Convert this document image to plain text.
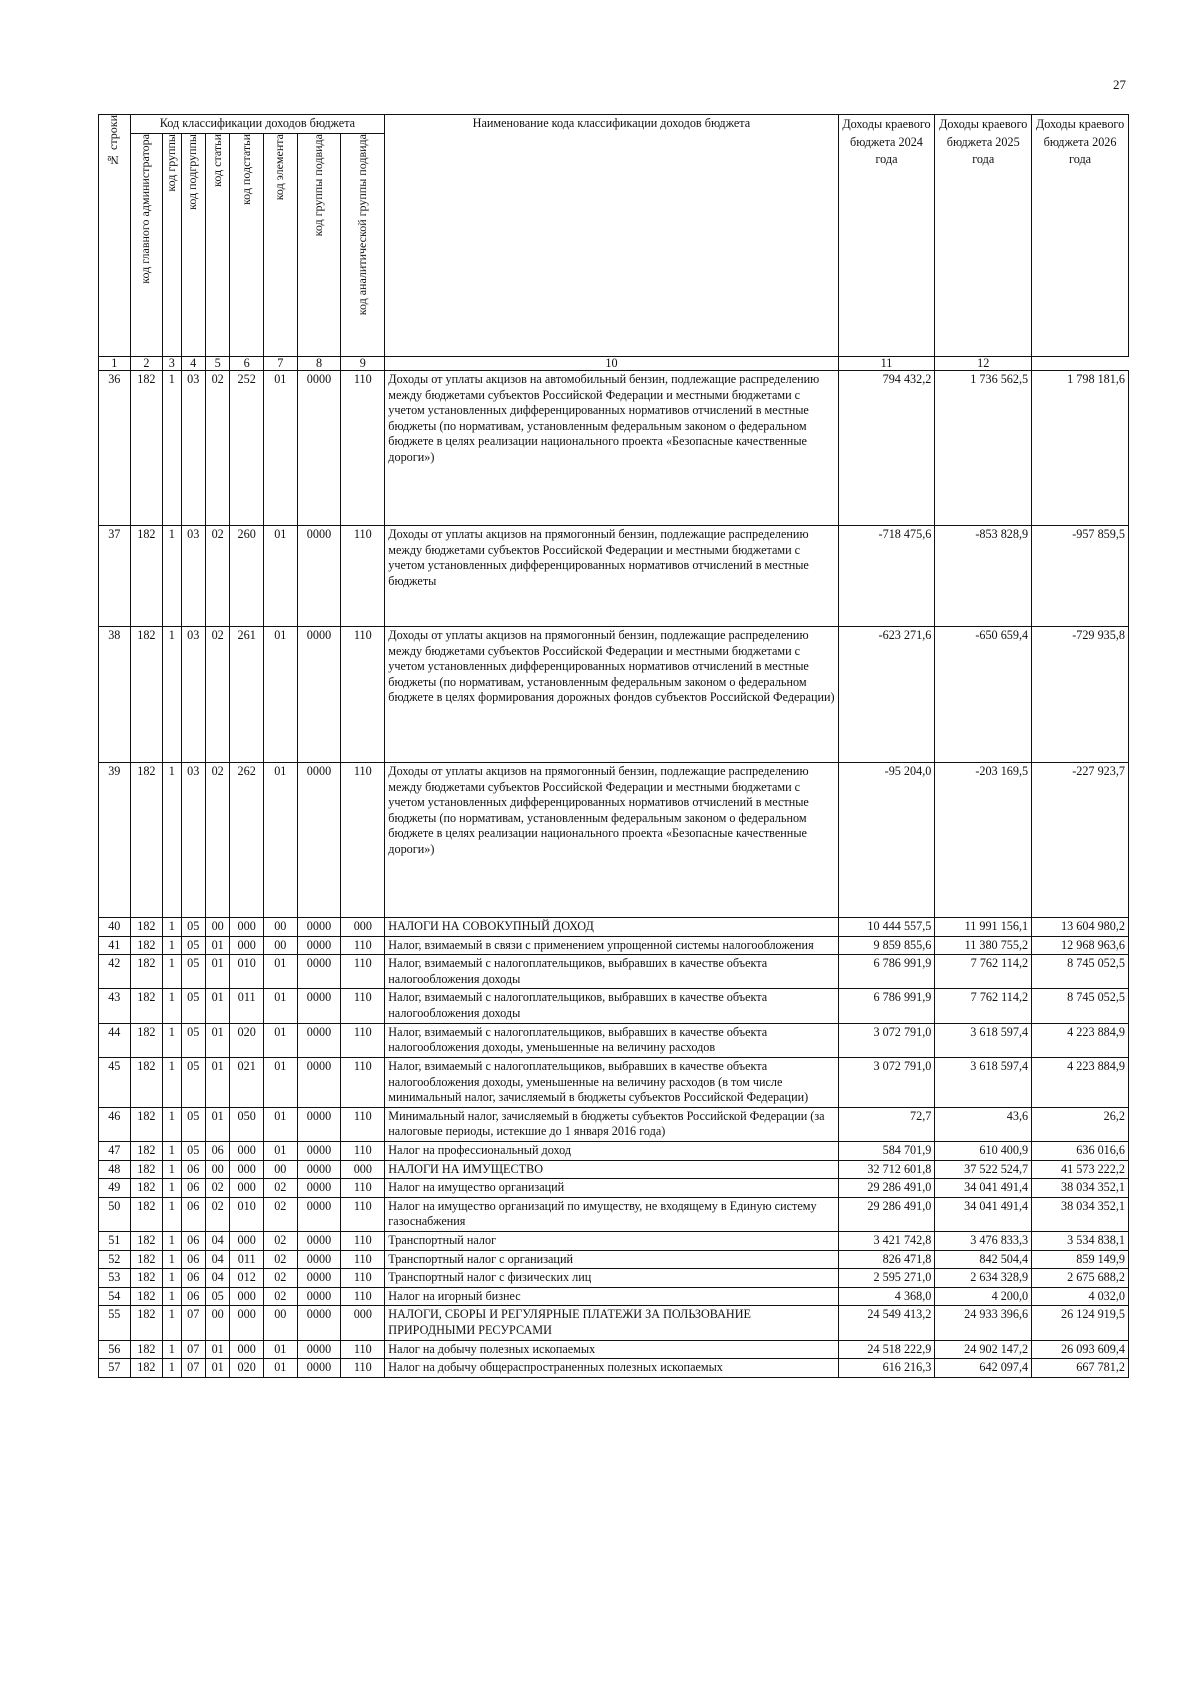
27
№ строки	Код классификации доходов бюджета								Наименование кода классификации доходов бюджета	Доходы краевого бюджета 2024 года	Доходы краевого бюджета 2025 года	Доходы краевого бюджета 2026 года

	код главного администратора	код группы	код подгруппы	код статьи	код подстатьи	код элемента	код группы подвида	код аналитической группы подвида				

1	2	3	4	5	6	7	8	9	10	11	12	
36	182	1	03	02	252	01	0000	110	Доходы от уплаты акцизов на автомобильный бензин, подлежащие распределению между бюджетами субъектов Российской Федерации и местными бюджетами с учетом установленных дифференцированных нормативов отчислений в местные бюджеты (по нормативам, установленным федеральным законом о федеральном бюджете в целях реализации национального проекта «Безопасные качественные дороги»)	794 432,2	1 736 562,5	1 798 181,6
37	182	1	03	02	260	01	0000	110	Доходы от уплаты акцизов на прямогонный бензин, подлежащие распределению между бюджетами субъектов Российской Федерации и местными бюджетами с учетом установленных дифференцированных нормативов отчислений в местные бюджеты	-718 475,6	-853 828,9	-957 859,5
38	182	1	03	02	261	01	0000	110	Доходы от уплаты акцизов на прямогонный бензин, подлежащие распределению между бюджетами субъектов Российской Федерации и местными бюджетами с учетом установленных дифференцированных нормативов отчислений в местные бюджеты (по нормативам, установленным федеральным законом о федеральном бюджете в целях формирования дорожных фондов субъектов Российской Федерации)	-623 271,6	-650 659,4	-729 935,8
39	182	1	03	02	262	01	0000	110	Доходы от уплаты акцизов на прямогонный бензин, подлежащие распределению между бюджетами субъектов Российской Федерации и местными бюджетами с учетом установленных дифференцированных нормативов отчислений в местные бюджеты (по нормативам, установленным федеральным законом о федеральном бюджете в целях реализации национального проекта «Безопасные качественные дороги»)	-95 204,0	-203 169,5	-227 923,7
40	182	1	05	00	000	00	0000	000	НАЛОГИ НА СОВОКУПНЫЙ ДОХОД	10 444 557,5	11 991 156,1	13 604 980,2
41	182	1	05	01	000	00	0000	110	Налог, взимаемый в связи с применением упрощенной системы налогообложения	9 859 855,6	11 380 755,2	12 968 963,6
42	182	1	05	01	010	01	0000	110	Налог, взимаемый с налогоплательщиков, выбравших в качестве объекта налогообложения доходы	6 786 991,9	7 762 114,2	8 745 052,5
43	182	1	05	01	011	01	0000	110	Налог, взимаемый с налогоплательщиков, выбравших в качестве объекта налогообложения доходы	6 786 991,9	7 762 114,2	8 745 052,5
44	182	1	05	01	020	01	0000	110	Налог, взимаемый с налогоплательщиков, выбравших в качестве объекта налогообложения доходы, уменьшенные на величину расходов	3 072 791,0	3 618 597,4	4 223 884,9
45	182	1	05	01	021	01	0000	110	Налог, взимаемый с налогоплательщиков, выбравших в качестве объекта налогообложения доходы, уменьшенные на величину расходов (в том числе минимальный налог, зачисляемый в бюджеты субъектов Российской Федерации)	3 072 791,0	3 618 597,4	4 223 884,9
46	182	1	05	01	050	01	0000	110	Минимальный налог, зачисляемый в бюджеты субъектов Российской Федерации (за налоговые периоды, истекшие до 1 января 2016 года)	72,7	43,6	26,2
47	182	1	05	06	000	01	0000	110	Налог на профессиональный доход	584 701,9	610 400,9	636 016,6
48	182	1	06	00	000	00	0000	000	НАЛОГИ НА ИМУЩЕСТВО	32 712 601,8	37 522 524,7	41 573 222,2
49	182	1	06	02	000	02	0000	110	Налог на имущество организаций	29 286 491,0	34 041 491,4	38 034 352,1
50	182	1	06	02	010	02	0000	110	Налог на имущество организаций по имуществу, не входящему в Единую систему газоснабжения	29 286 491,0	34 041 491,4	38 034 352,1
51	182	1	06	04	000	02	0000	110	Транспортный налог	3 421 742,8	3 476 833,3	3 534 838,1
52	182	1	06	04	011	02	0000	110	Транспортный налог с организаций	826 471,8	842 504,4	859 149,9
53	182	1	06	04	012	02	0000	110	Транспортный налог с физических лиц	2 595 271,0	2 634 328,9	2 675 688,2
54	182	1	06	05	000	02	0000	110	Налог на игорный бизнес	4 368,0	4 200,0	4 032,0
55	182	1	07	00	000	00	0000	000	НАЛОГИ, СБОРЫ И РЕГУЛЯРНЫЕ ПЛАТЕЖИ ЗА ПОЛЬЗОВАНИЕ ПРИРОДНЫМИ РЕСУРСАМИ	24 549 413,2	24 933 396,6	26 124 919,5
56	182	1	07	01	000	01	0000	110	Налог на добычу полезных ископаемых	24 518 222,9	24 902 147,2	26 093 609,4
57	182	1	07	01	020	01	0000	110	Налог на добычу общераспространенных полезных ископаемых	616 216,3	642 097,4	667 781,2
